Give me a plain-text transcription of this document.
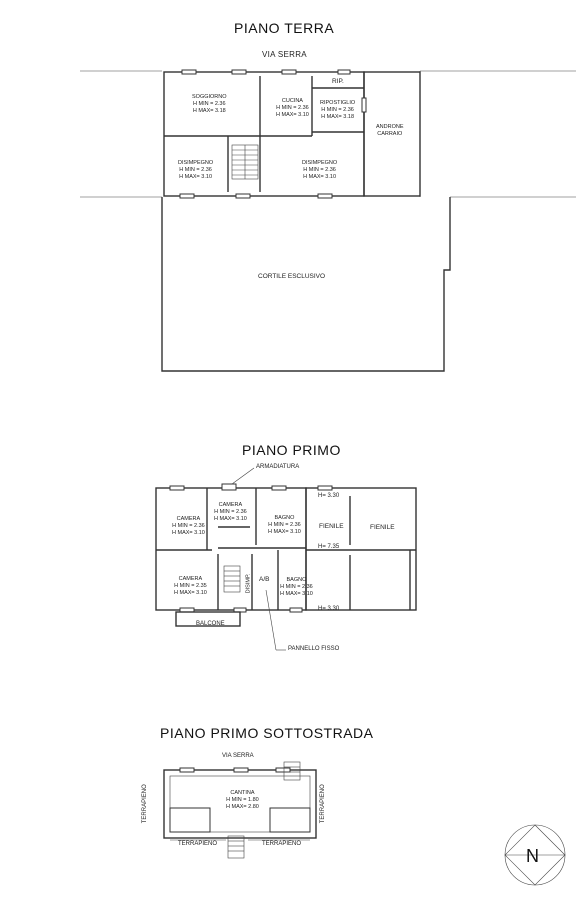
PIANO TERRA
VIA SERRA
SOGGIORNO
H MIN = 2.36
H MAX= 3.18
CUCINA
H MIN = 2.36
H MAX= 3.10
RIP.
RIPOSTIGLIO
H MIN = 2.36
H MAX= 3.18
ANDRONE
CARRAIO
DISIMPEGNO
H MIN = 2.36
H MAX= 3.10
DISIMPEGNO
H MIN = 2.36
H MAX= 3.10
CORTILE ESCLUSIVO
PIANO PRIMO
ARMADIATURA
CAMERA
H MIN = 2.36
H MAX= 3.10
CAMERA
H MIN = 2.36
H MAX= 3.10	BAGNO
H MIN = 2.36
H MAX= 3.10
CAMERA
H MIN = 2.35
H MAX= 3.10	DISIMP. A/B	BAGNO
H MIN = 2.36
H MAX= 3.10
FIENILE	FIENILE
H= 3.30
H= 7.35
H= 3.30
BALCONE
PANNELLO FISSO
PIANO PRIMO SOTTOSTRADA
VIA SERRA
TERRAPIENO	TERRAPIENO
TERRAPIENO	TERRAPIENO
CANTINA
H MIN = 1.80
H MAX= 2.80
N
